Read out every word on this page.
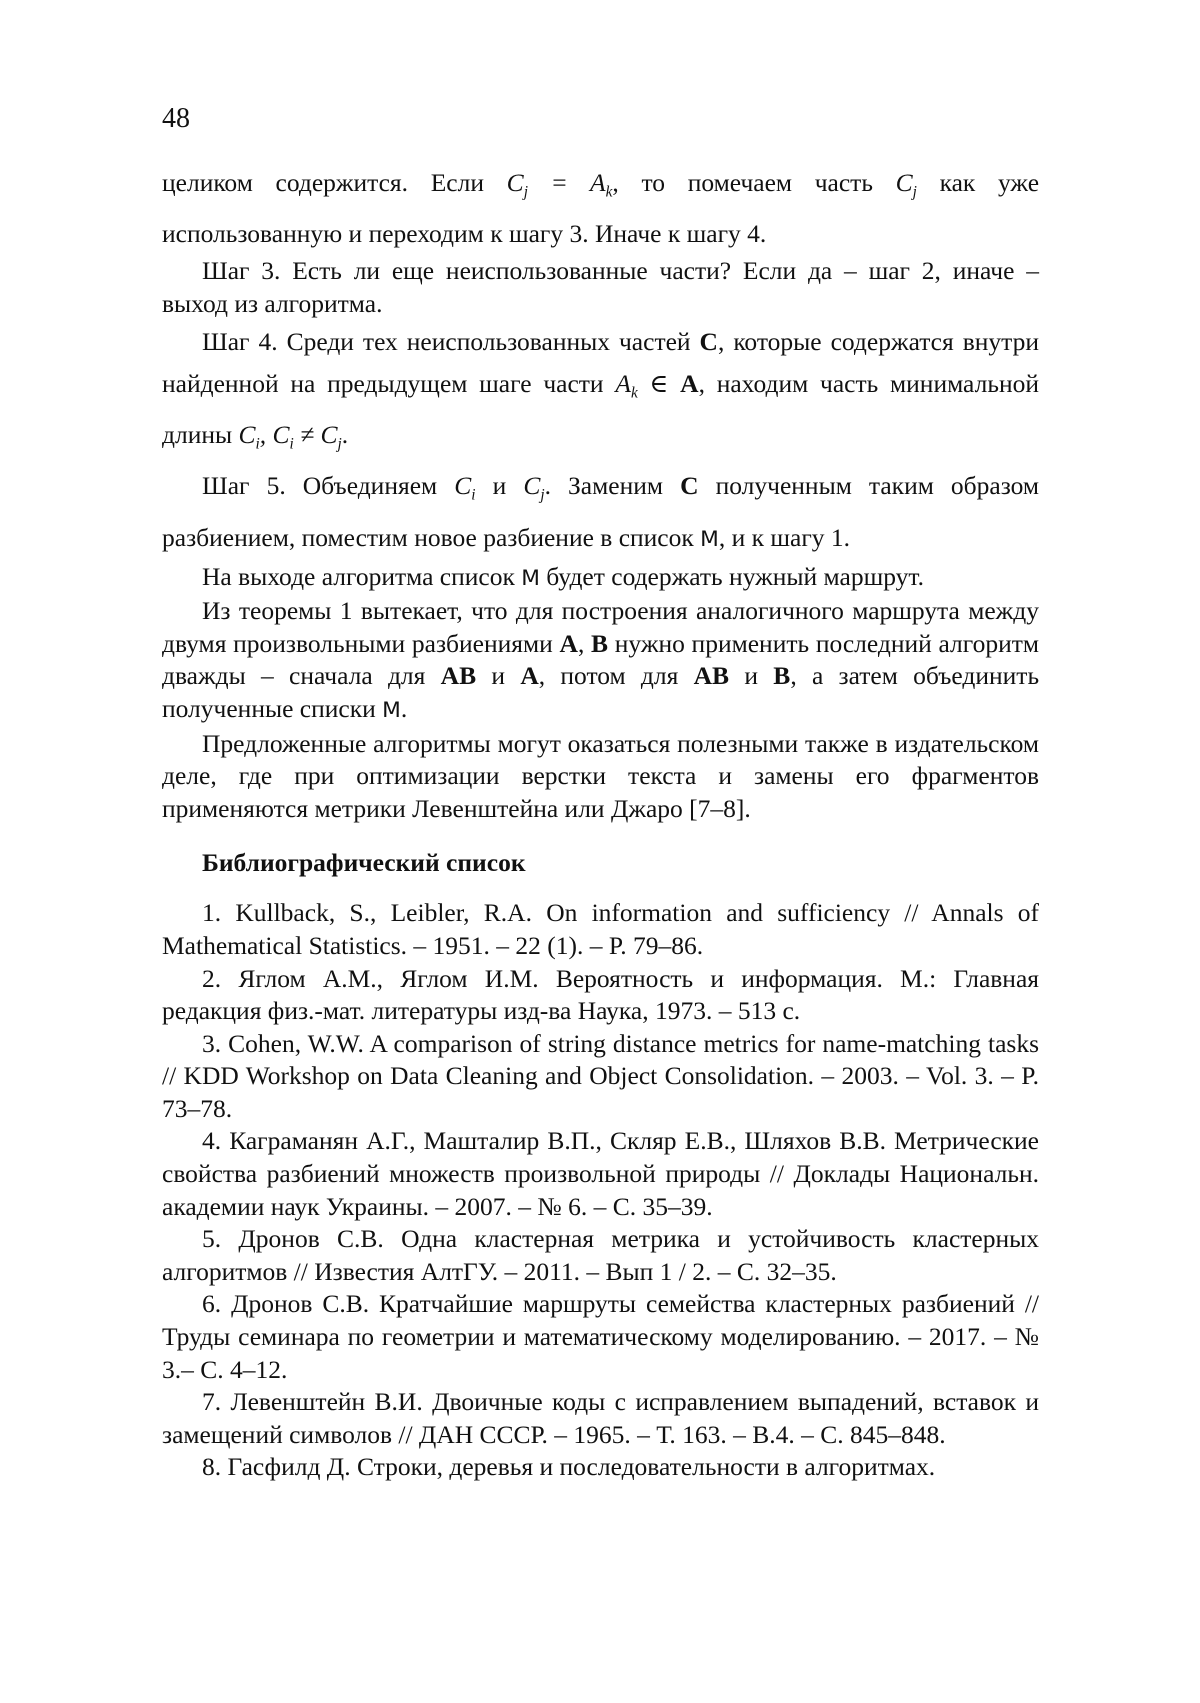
48

целиком содержится. Если Cj = Ak, то помечаем часть Cj как уже использованную и переходим к шагу 3. Иначе к шагу 4.

Шаг 3. Есть ли еще неиспользованные части? Если да – шаг 2, иначе – выход из алгоритма.

Шаг 4. Среди тех неиспользованных частей C, которые содержатся внутри найденной на предыдущем шаге части Ak ∈ A, находим часть минимальной длины Ci, Ci ≠ Cj.

Шаг 5. Объединяем Ci и Cj. Заменим C полученным таким образом разбиением, поместим новое разбиение в список M, и к шагу 1.

На выходе алгоритма список M будет содержать нужный маршрут.

Из теоремы 1 вытекает, что для построения аналогичного маршрута между двумя произвольными разбиениями A, B нужно применить последний алгоритм дважды – сначала для AB и A, потом для AB и B, а затем объединить полученные списки M.

Предложенные алгоритмы могут оказаться полезными также в издательском деле, где при оптимизации верстки текста и замены его фрагментов применяются метрики Левенштейна или Джаро [7–8].

Библиографический список

1. Kullback, S., Leibler, R.A. On information and sufficiency // Annals of Mathematical Statistics. – 1951. – 22 (1). – P. 79–86.

2. Яглом А.М., Яглом И.М. Вероятность и информация. М.: Главная редакция физ.-мат. литературы изд-ва Наука, 1973. – 513 с.

3. Cohen, W.W. A comparison of string distance metrics for name-matching tasks // KDD Workshop on Data Cleaning and Object Consolidation. – 2003. – Vol. 3. – P. 73–78.

4. Каграманян А.Г., Машталир В.П., Скляр Е.В., Шляхов В.В. Метрические свойства разбиений множеств произвольной природы // Доклады Национальн. академии наук Украины. – 2007. – № 6. – С. 35–39.

5. Дронов С.В. Одна кластерная метрика и устойчивость кластерных алгоритмов // Известия АлтГУ. – 2011. – Вып 1 / 2. – С. 32–35.

6. Дронов С.В. Кратчайшие маршруты семейства кластерных разбиений // Труды семинара по геометрии и математическому моделированию. – 2017. – № 3.– С. 4–12.

7. Левенштейн В.И. Двоичные коды с исправлением выпадений, вставок и замещений символов // ДАН СССР. – 1965. – Т. 163. – В.4. – С. 845–848.

8. Гасфилд Д. Строки, деревья и последовательности в алгоритмах.
